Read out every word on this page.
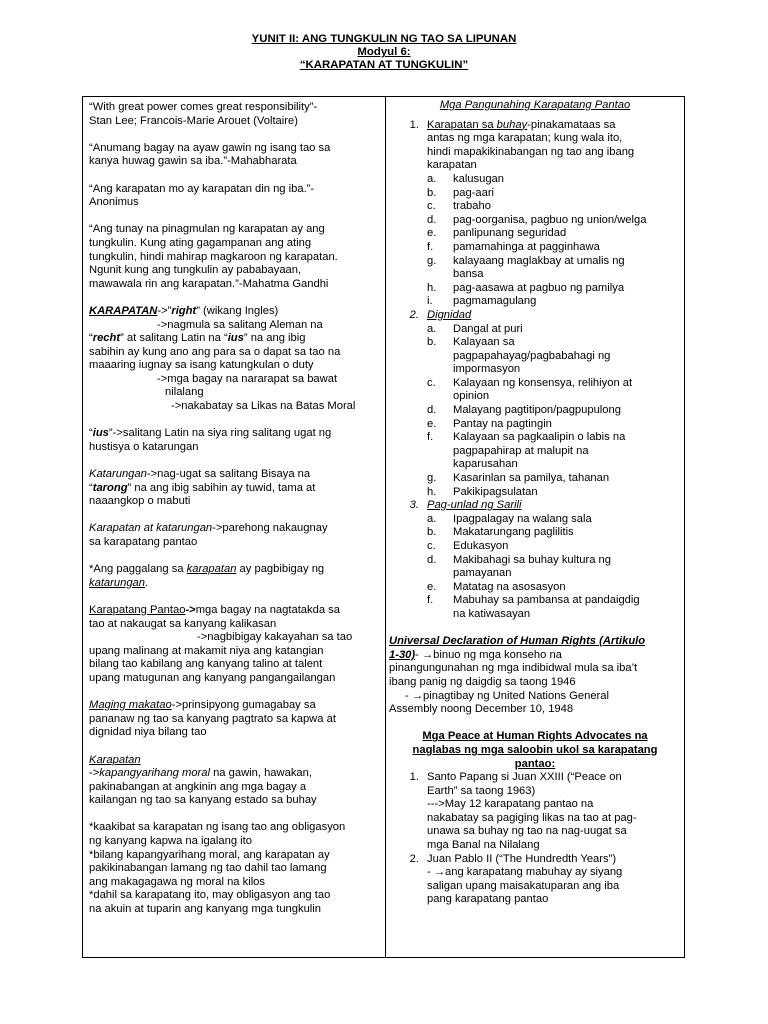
YUNIT II: ANG TUNGKULIN NG TAO SA LIPUNAN
Modyul 6:
“KARAPATAN AT TUNGKULIN”
“With great power comes great responsibility”-
Stan Lee; Francois-Marie Arouet (Voltaire)
“Anumang bagay na ayaw gawin ng isang tao sa
kanya huwag gawin sa iba.”-Mahabharata
“Ang karapatan mo ay karapatan din ng iba.”-
Anonimus
“Ang tunay na pinagmulan ng karapatan ay ang
tungkulin. Kung ating gagampanan ang ating
tungkulin, hindi mahirap magkaroon ng karapatan.
Ngunit kung ang tungkulin ay pababayaan,
mawawala rin ang karapatan.”-Mahatma Gandhi
KARAPATAN->”right” (wikang Ingles)
->nagmula sa salitang Aleman na
“recht” at salitang Latin na “ius” na ang ibig
sabihin ay kung ano ang para sa o dapat sa tao na
maaaring iugnay sa isang katungkulan o duty
->mga bagay na nararapat sa bawat
nilalang
->nakabatay sa Likas na Batas Moral
“ius”->salitang Latin na siya ring salitang ugat ng
hustisya o katarungan
Katarungan->nag-ugat sa salitang Bisaya na
“tarong” na ang ibig sabihin ay tuwid, tama at
naaangkop o mabuti
Karapatan at katarungan->parehong nakaugnay
sa karapatang pantao
*Ang paggalang sa karapatan ay pagbibigay ng
katarungan.
Karapatang Pantao->mga bagay na nagtatakda sa
tao at nakaugat sa kanyang kalikasan
->nagbibigay kakayahan sa tao
upang malinang at makamit niya ang katangian
bilang tao kabilang ang kanyang talino at talent
upang matugunan ang kanyang pangangailangan
Maging makatao->prinsipyong gumagabay sa
pananaw ng tao sa kanyang pagtrato sa kapwa at
dignidad niya bilang tao
Karapatan
->kapangyarihang moral na gawin, hawakan,
pakinabangan at angkinin ang mga bagay a
kailangan ng tao sa kanyang estado sa buhay
*kaakibat sa karapatan ng isang tao ang obligasyon
ng kanyang kapwa na igalang ito
*bilang kapangyarihang moral, ang karapatan ay
pakikinabangan lamang ng tao dahil tao lamang
ang makagagawa ng moral na kilos
*dahil sa karapatang ito, may obligasyon ang tao
na akuin at tuparin ang kanyang mga tungkulin
Mga Pangunahing Karapatang Pantao
1. Karapatan sa buhay-pinakamataas sa
antas ng mga karapatan; kung wala ito,
hindi mapakikinabangan ng tao ang ibang
karapatan
a.	kalusugan
b.	pag-aari
c.	trabaho
d.	pag-oorganisa, pagbuo ng union/welga
e.	panlipunang seguridad
f.	pamamahinga at pagginhawa
g.	kalayaang maglakbay at umalis ng
bansa
h.	pag-aasawa at pagbuo ng pamilya
i.	pagmamagulang
2. Dignidad
a.	Dangal at puri
b.	Kalayaan sa
pagpapahayag/pagbabahagi ng
impormasyon
c.	Kalayaan ng konsensya, relihiyon at
opinion
d.	Malayang pagtitipon/pagpupulong
e.	Pantay na pagtingin
f.	Kalayaan sa pagkaalipin o labis na
pagpapahirap at malupit na
kaparusahan
g.	Kasarinlan sa pamilya, tahanan
h.	Pakikipagsulatan
3. Pag-unlad ng Sarili
a.	Ipagpalagay na walang sala
b.	Makatarungang paglilitis
c.	Edukasyon
d.	Makibahagi sa buhay kultura ng
pamayanan
e.	Matatag na asosasyon
f.	Mabuhay sa pambansa at pandaigdig
na katiwasayan
Universal Declaration of Human Rights (Artikulo
1-30)- →binuo ng mga konseho na
pinangungunahan ng mga indibidwal mula sa iba’t
ibang panig ng daigdig sa taong 1946
- →pinagtibay ng United Nations General
Assembly noong December 10, 1948
Mga Peace at Human Rights Advocates na
naglabas ng mga saloobin ukol sa karapatang
pantao:
1. Santo Papang si Juan XXIII (“Peace on
Earth” sa taong 1963)
--->May 12 karapatang pantao na
nakabatay sa pagiging likas na tao at pag-
unawa sa buhay ng tao na nag-uugat sa
mga Banal na Nilalang
2. Juan Pablo II (“The Hundredth Years”)
- →ang karapatang mabuhay ay siyang
saligan upang maisakatuparan ang iba
pang karapatang pantao
